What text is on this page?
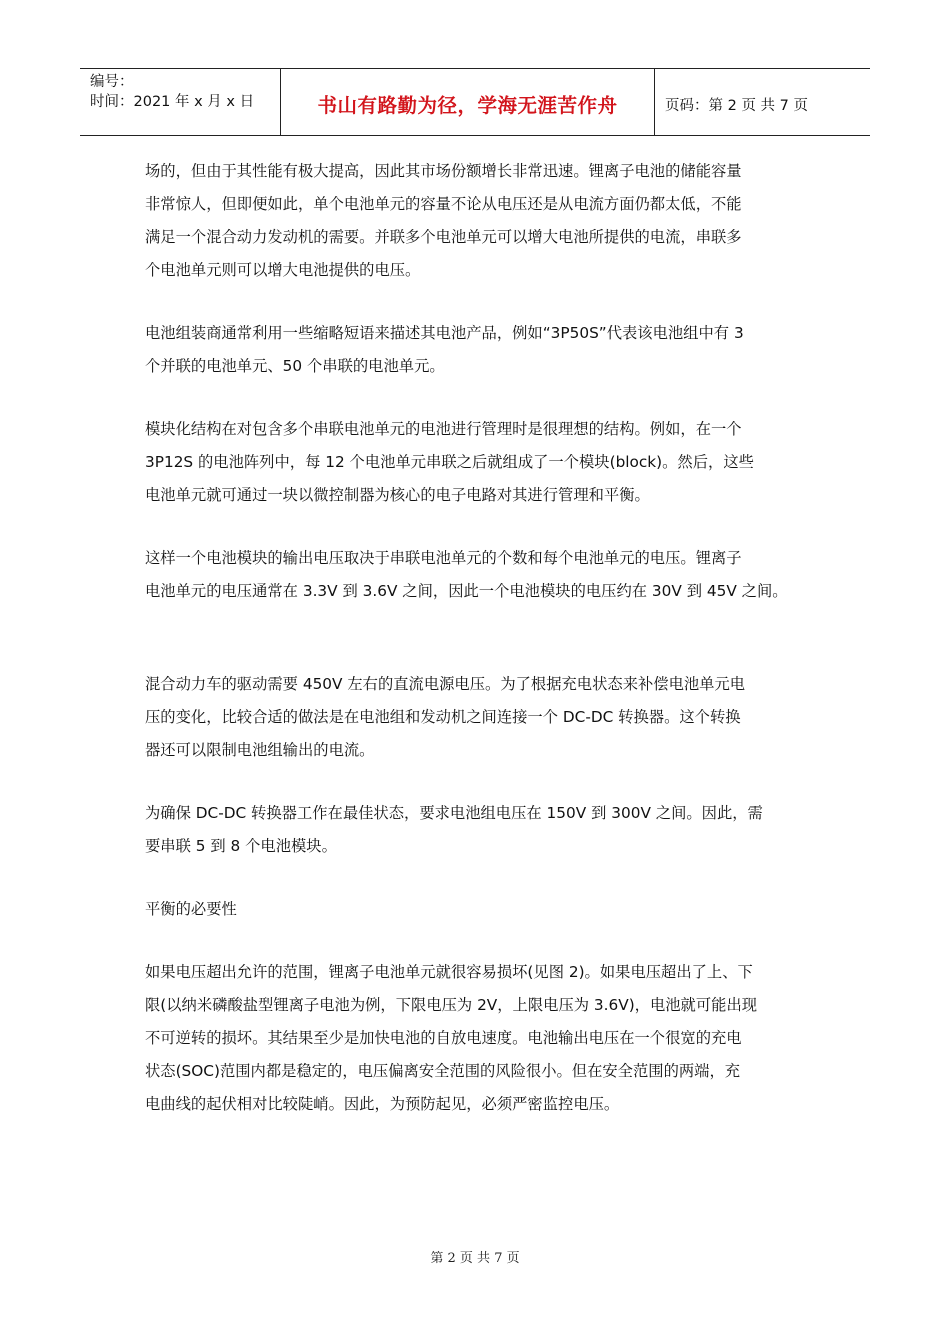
编号：
时间：2021 年 x 月 x 日	书山有路勤为径，学海无涯苦作舟	页码：第 2 页 共 7 页

场的，但由于其性能有极大提高，因此其市场份额增长非常迅速。锂离子电池的储能容量

非常惊人，但即便如此，单个电池单元的容量不论从电压还是从电流方面仍都太低，不能

满足一个混合动力发动机的需要。并联多个电池单元可以增大电池所提供的电流，串联多

个电池单元则可以增大电池提供的电压。

电池组装商通常利用一些缩略短语来描述其电池产品，例如“3P50S”代表该电池组中有 3

个并联的电池单元、50 个串联的电池单元。

模块化结构在对包含多个串联电池单元的电池进行管理时是很理想的结构。例如，在一个

3P12S 的电池阵列中，每 12 个电池单元串联之后就组成了一个模块(block)。然后，这些

电池单元就可通过一块以微控制器为核心的电子电路对其进行管理和平衡。

这样一个电池模块的输出电压取决于串联电池单元的个数和每个电池单元的电压。锂离子

电池单元的电压通常在 3.3V 到 3.6V 之间，因此一个电池模块的电压约在 30V 到 45V 之间。

混合动力车的驱动需要 450V 左右的直流电源电压。为了根据充电状态来补偿电池单元电

压的变化，比较合适的做法是在电池组和发动机之间连接一个 DC-DC 转换器。这个转换

器还可以限制电池组输出的电流。

为确保 DC-DC 转换器工作在最佳状态，要求电池组电压在 150V 到 300V 之间。因此，需

要串联 5 到 8 个电池模块。

平衡的必要性

如果电压超出允许的范围，锂离子电池单元就很容易损坏(见图 2)。如果电压超出了上、下

限(以纳米磷酸盐型锂离子电池为例，下限电压为 2V，上限电压为 3.6V)，电池就可能出现

不可逆转的损坏。其结果至少是加快电池的自放电速度。电池输出电压在一个很宽的充电

状态(SOC)范围内都是稳定的，电压偏离安全范围的风险很小。但在安全范围的两端，充

电曲线的起伏相对比较陡峭。因此，为预防起见，必须严密监控电压。

第 2 页 共 7 页
